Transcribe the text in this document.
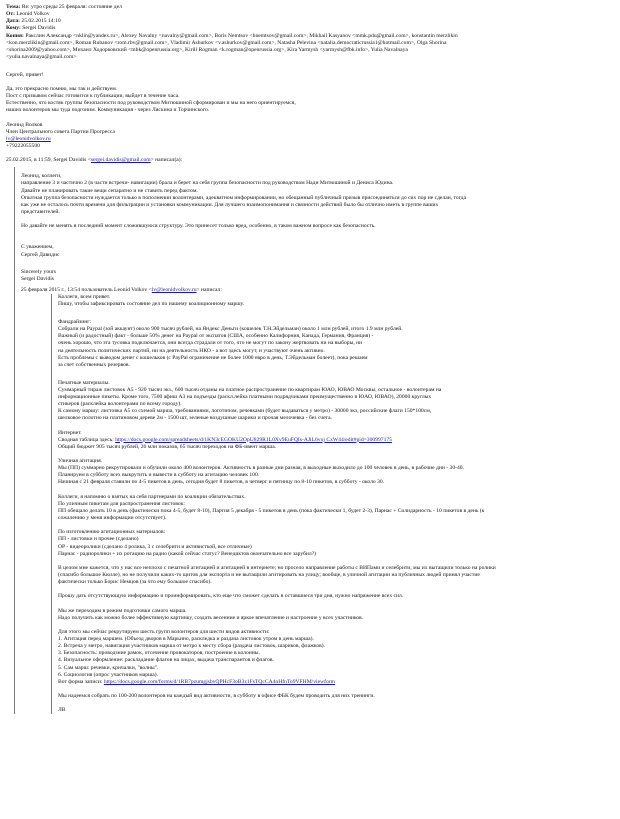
Тема: Re: утро среды 25 февраля: состояние дел
От: Leonid Volkov
Дата: 25.02.2015 14:10
Кому: Sergei Davidis
Копия: Ракслин Александр <nklin@yandex.ru>, Alexey Navalny <navalny@gmail.com>, Boris Nemtsov <bnemtsov@gmail.com>, Mikhail Kasyanov <mmk.pdu@gmail.com>, konstantin merzlikin
<kon.merzlikin@gmail.com>, Roman Rubanov <rom.rbv@gmail.com>, Vladimir Ashurkov <v.ashurkov@gmail.com>, Natasha Pelevina <natalia.democraticrussia1@hotmail.com>, Olga Shorina
<shorina2009@yahoo.com>, Михаил Ходорковский <mbk@openrussia.org>, Kirill Rogman <k.rogman@openrussia.org>, Kira Yarmysh <yarmysh@fbk.info>, Yulia Navalnaya
<yulia.navalnaya@gmail.com>
Сергей, привет!
Да, это прекрасно помню, мы так и действуем.
Пост с призывом сейчас готовится к публикации, выйдет в течение часа.
Естественно, что костяк группы безопасности под руководством Митюшиной сформирован и мы на него ориентируемся,
наших волонтеров мы туда подгоним. Коммуникация - через Ляскина и Торчинского.
Леонид Волков
Член Центрального совета Партии Прогресса
lv@leonidvolkov.ru
+79222055500
25.02.2015, в 11:59, Sergei Davidis <sergei.davidis@gmail.com> написал(а):
Леонид, коллеги,
направление 3 и частично 2 (в части встречи- навигации) брала и берет на себя группа безопасности под руководством Нади Митюшиной и Дениса Юдина.
Давайте не планировать такие вещи сепаратно и не ставить перед фактом.
Опытная группа безопасности нуждается только в пополнении волонтерами, адекватном информировании, но обещанный публичный призыв присоединяться до сих пор не сделан, тогда
как уже не осталось почти времени для фильтрации и установки коммуникации. Для лучшего взаимопонимания и связности действий было бы отлично иметь в группе ваших
представителей.
Но давайте не менять в последний момент сложившуюся структуру. Это принесет только вред, особенно, в таком важном вопросе как безопасность.
С уважением,
Сергей Давидис
Sincerely yours
Sergei Davidis
25 февраля 2015 г., 13:54 пользователь Leonid Volkov <lv@leonidvolkov.ru> написал:
Коллеги, всем привет.
Пишу, чтобы зафиксировать состояние дел по нашему коалиционному маршу.
Фандрайзинг:
Собрали на Paypal (зой аккаунт) около 900 тысяч рублей, на Яндекс Деньги (кошелек Т.Н.Эйдельман) около 1 млн рублей, итого 1.9 млн рублей.
Важный (и радостный) факт - больше 50% денег на Paypal от экспатов (США, особенно Калифорния, Канада, Германия, Франция) -
очень хорошо, что эта тусовка подключается, они всегда страдали от того, что не могут по закону жертвовать ни на выборы, ни
на деятельность политических партий, ни на деятельность НКО - а вот здесь могут, и участвуют очень активно.
Есть проблемы с выводом денег с кошельков (с PayPal ограничение не более 1000 евро в день, Т.Эйдельман болеет), пока решаем
за счет собственных резервов.
Печатные материалы.
Суммарный тираж листовок А5 - 920 тысяч экз., 600 тысяч отданы на платное распространение по квартирам ЮАО, ЮВАО Москвы, остальное - волонтерам на
информационные пикеты. Кроме того, 7500 афиш А3 на подъезды (раскл.лейка платными подрядчиками преимущественно в ЮАО, ЮВАО), 20000 круглых
стикеров (расклейка волонтерами по всему городу).
К самому маршу: листовка А5 со схемой марша, требованиями, логотипом, речевками (будет выдаваться у метро) - 30000 экз, российские флаги 150*100см,
шелковое полотно на платиновом дереве 2м - 1500 шт, зеленые воздушные шарики и прочая мелочевка - без счета.
Интернет.
Сводная таблица здесь: https://docs.google.com/spreadsheets/d/1KN3cEGOKU2OpU829R1L0Xv9EuFQIs-AJiL6voj CxW44/edit#gid=300997175
Общий бюджет 905 тысяч рублей, 26 млн показов, 65 тысяч переходов на ФБ-ивент марша.
Уличная агитация.
Мы (ПП) суммарно рекрутировали и обучили около 400 волонтеров. Активность в разные дни разная, в выходные выходило до 100 человек в день, в рабочие дни - 30-40.
Планируем в субботу всех выкрутить и вывести в субботу на агитацию человек 100.
Начиная с 21 февраля ставили по 4-5 пикетов в день, сегодня будет 8 пикетов, в четверг и пятницу по 8-10 пикетов, в субботу - около 30.
Коллеги, я напомню о взятых на себя партнерами по коалиции обязательствах.
По уличным пикетам для распространения листовок:
ПП обещало делать 10 в день (фактически пока 4-5, будет 8-10), Партия 5 декабря - 5 пикетов в день (пока фактически 1, будет 2-3), Парнас + Солидарность - 10 пикетов в день (к
сожалению у меня информации отсутствует).
По изготовлению агитационных материалов:
ПП - листовки и прочее (сделано)
ОР - видеоролики (сделано 4 ролика, 3 с селебрити и активисткой, все отличные)
Парнас - радиоролики + их ротацию на радио (какой сейчас статус? Венедиктов окончательно все зарубил?)
В целом мне кажется, что у нас все неплохо с печатной агитацией и агитацией в интернете; но просело направление работы с ВИПами и селебрити, мы их вытащили только на ролики
(спасибо большое Кюзле), но не получили каких-то щитов для экспорта и не вытащили агитировать на улицу; вообще, в уличной агитации на публичных людей принял участие
фактически только Борис Немцов (за что ему большое спасибо).
Прошу дать отсутствующую информацию и проинформировать, кто еще что сможет сделать в оставшиеся три дня, нужно напряжение всех сил.
Мы же переходим в режим подготовки самого марша.
Надо получить как можно более эффективную картинку, создать весенние и яркое впечатление и настроение у всех участников.
Для этого мы сейчас рекрутируем шесть групп волонтеров для шести видов активности:
1. Агитация перед маршем. (Объезд дворов в Марьино, раскледка и раздача листовок утром в день марша).
2. Встреча у метро, навигация участников марша от метро к месту сбора (раздача листовок, шариков, флажков).
3. Безопасность: проводзние рамок, отсечение провокаторов, построение в колонны.
4. Визуальное оформление: раскладание флагов на лицах, выдача транспарантов и флагов.
5. Сам марш: речевки, кричалки, "волны".
6. Социология (опрос участников марша).
Вот форма записи: https://docs.google.com/forms/d/1RB7pzumgjsbvQPHcF3oB3z1FsTQcCA4nHfnTo9VFHM/viewform
Мы надеемся собрать по 100-200 волонтеров на каждый вид активности, в субботу в офисе ФБК будем проводить для них тренинги.
ЛВ
